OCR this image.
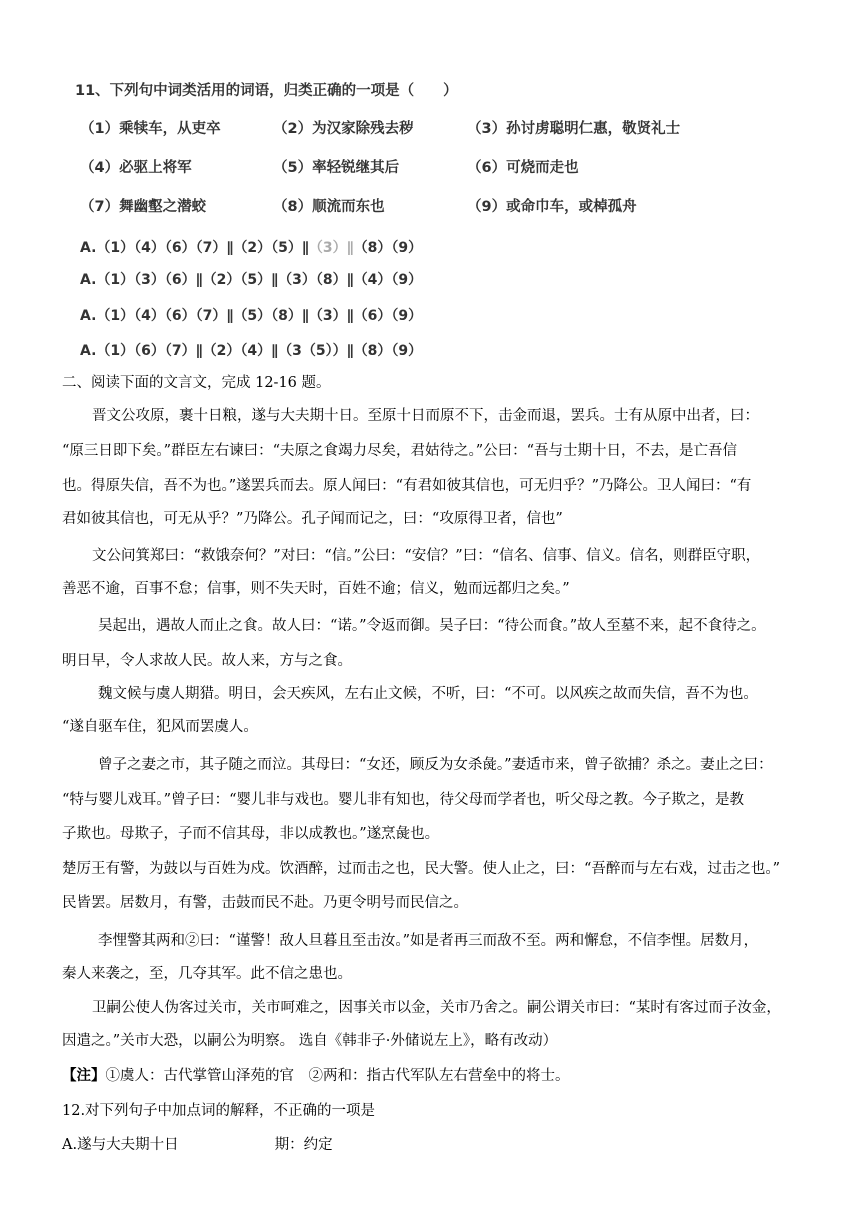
11、下列句中词类活用的词语，归类正确的一项是（　　）
（1）乘犊车，从吏卒	（2）为汉家除残去秽	（3）孙讨虏聪明仁惠，敬贤礼士
（4）必驱上将军	（5）率轻锐继其后	（6）可烧而走也
（7）舞幽壑之潜蛟	（8）顺流而东也	（9）或命巾车，或棹孤舟
A.（1）（4）（6）（7）∥（2）（5）∥（3）∥（8）（9）
A.（1）（3）（6）∥（2）（5）∥（3）（8）∥（4）（9）
A.（1）（4）（6）（7）∥（5）（8）∥（3）∥（6）（9）
A.（1）（6）（7）∥（2）（4）∥（3（5））∥（8）（9）
二、阅读下面的文言文，完成 12-16 题。
晋文公攻原，裹十日粮，遂与大夫期十日。至原十日而原不下，击金而退，罢兵。士有从原中出者，曰：
“原三日即下矣。”群臣左右谏曰：“夫原之食竭力尽矣，君姑待之。”公曰：“吾与士期十日，不去，是亡吾信
也。得原失信，吾不为也。”遂罢兵而去。原人闻曰：“有君如彼其信也，可无归乎？”乃降公。卫人闻曰：“有
君如彼其信也，可无从乎？”乃降公。孔子闻而记之，曰：“攻原得卫者，信也”
文公问箕郑曰：“救饿奈何？”对曰：“信。”公曰：“安信？”曰：“信名、信事、信义。信名，则群臣守职，
善恶不逾，百事不怠；信事，则不失天时，百姓不逾；信义，勉而远都归之矣。”
吴起出，遇故人而止之食。故人曰：“诺。”令返而御。吴子曰：“待公而食。”故人至墓不来，起不食待之。
明日早，令人求故人民。故人来，方与之食。
魏文候与虞人期猎。明日，会天疾风，左右止文候，不听，曰：“不可。以风疾之故而失信，吾不为也。
“遂自驱车住，犯风而罢虞人。
曾子之妻之市，其子随之而泣。其母曰：“女还，顾反为女杀彘。”妻适市来，曾子欲捕？杀之。妻止之曰：
“特与婴儿戏耳。”曾子曰：“婴儿非与戏也。婴儿非有知也，待父母而学者也，听父母之教。今子欺之，是教
子欺也。母欺子，子而不信其母，非以成教也。”遂烹彘也。
楚厉王有警，为鼓以与百姓为戍。饮酒醉，过而击之也，民大警。使人止之，曰：“吾醉而与左右戏，过击之也。”
民皆罢。居数月，有警，击鼓而民不赴。乃更令明号而民信之。
李悝警其两和②曰：“谨警！敌人旦暮且至击汝。”如是者再三而敌不至。两和懈怠，不信李悝。居数月，
秦人来袭之，至，几夺其军。此不信之患也。
卫嗣公使人伪客过关市，关市呵难之，因事关市以金，关市乃舍之。嗣公谓关市曰：“某时有客过而子汝金，
因遣之。”关市大恐，以嗣公为明察。 选自《韩非子·外储说左上》，略有改动）
【注】①虞人：古代掌管山泽苑的官　②两和：指古代军队左右营垒中的将士。
12.对下列句子中加点词的解释，不正确的一项是
A.遂与大夫期十日	期：约定
